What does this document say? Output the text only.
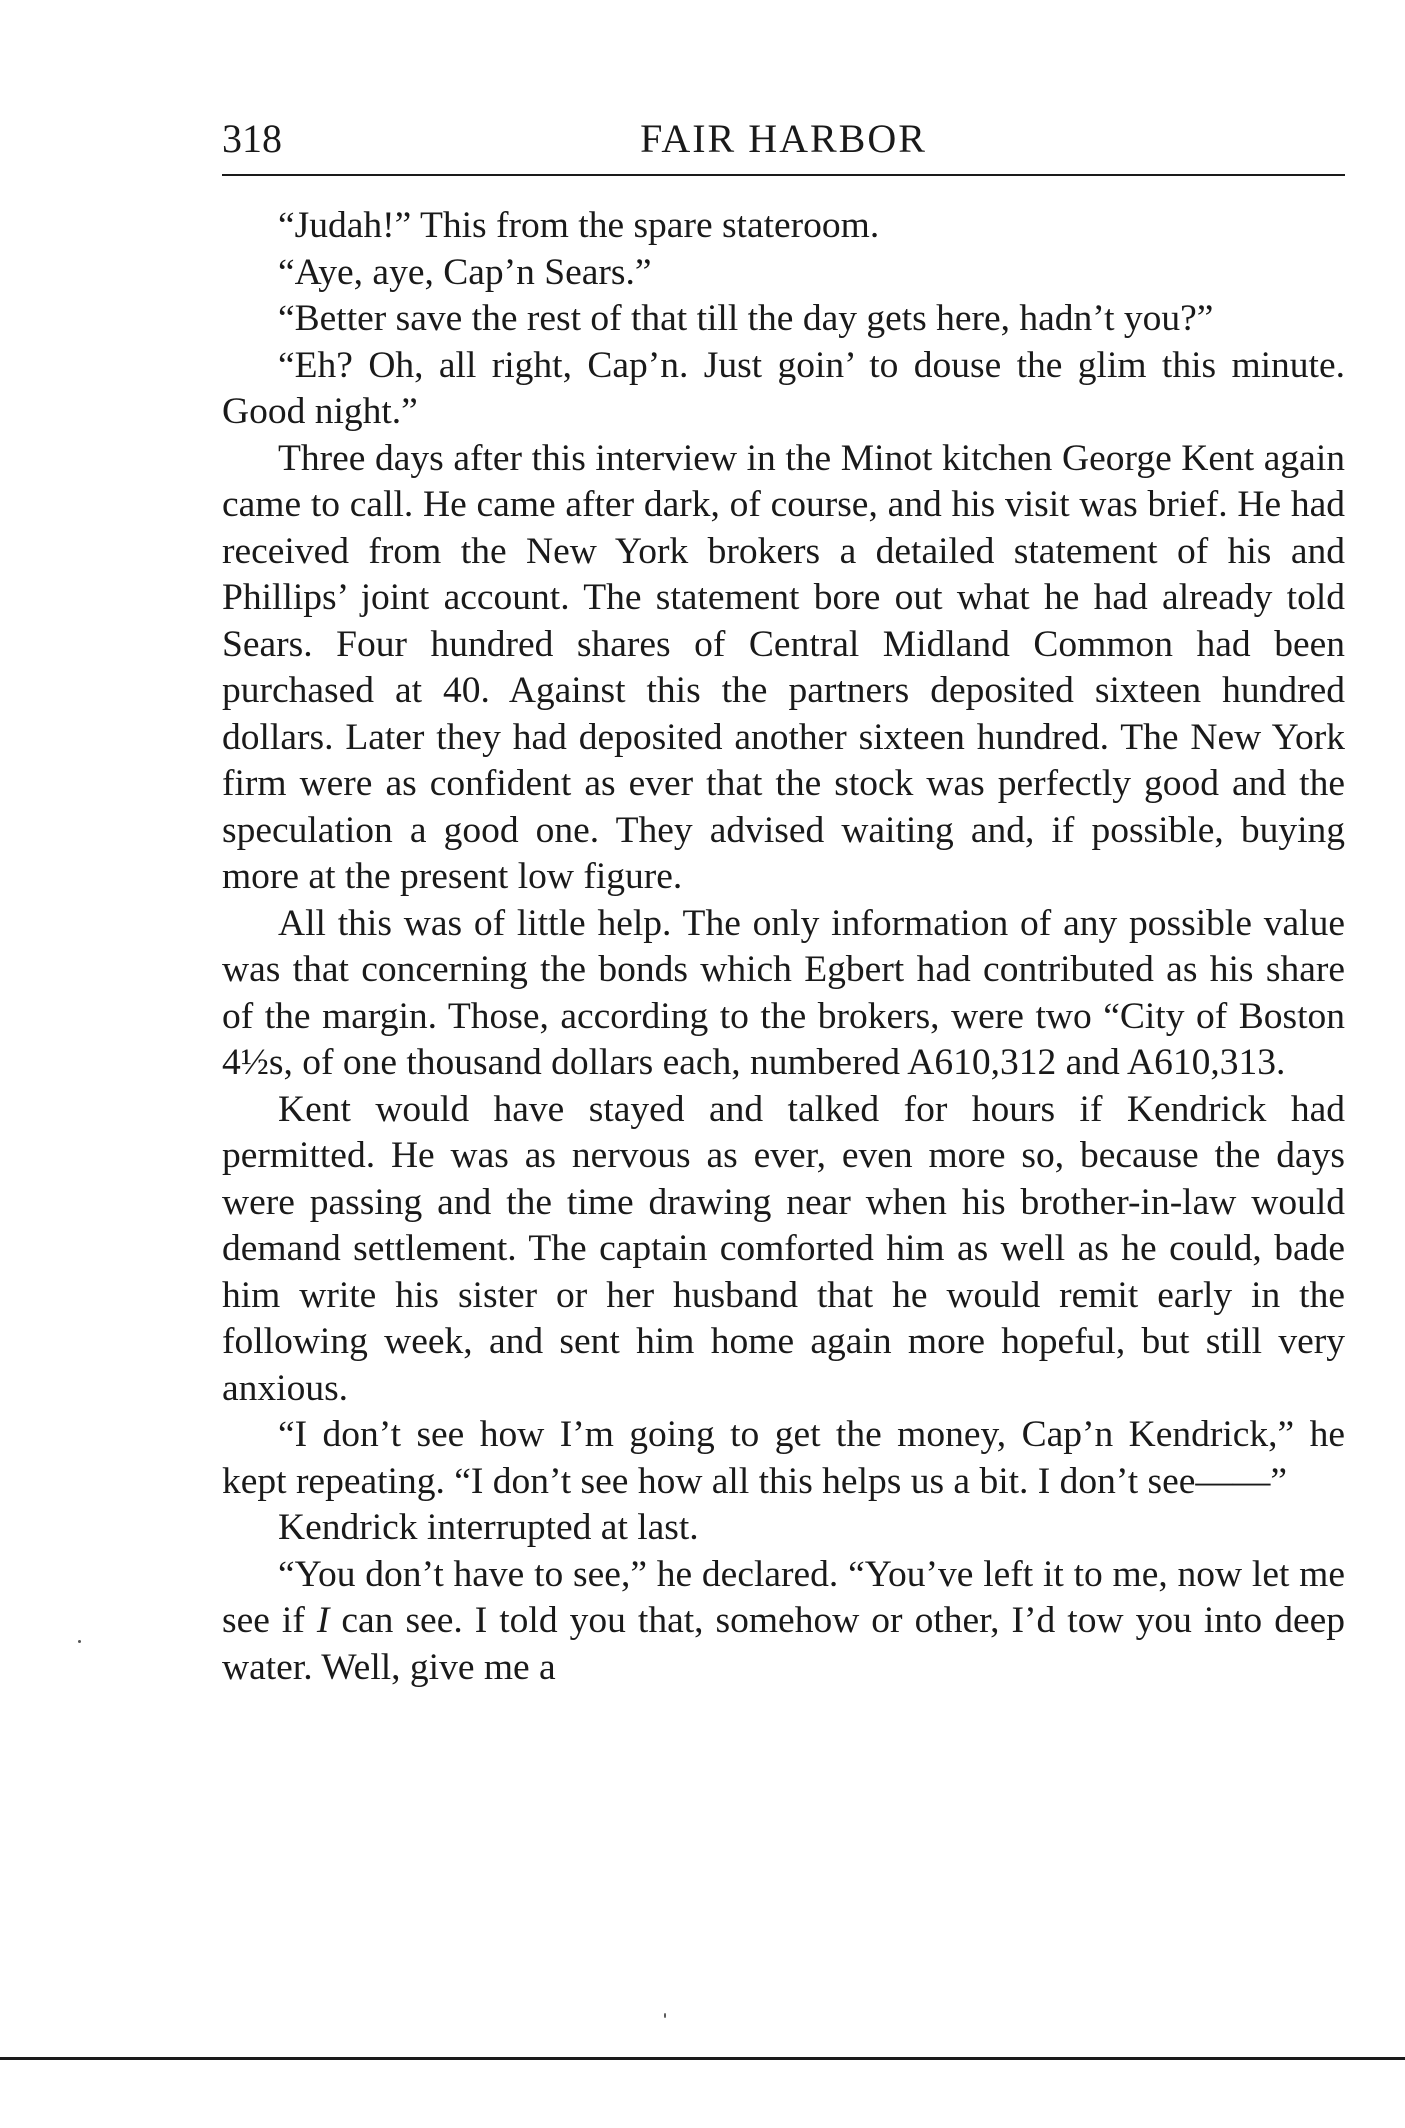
318	FAIR HARBOR

“Judah!” This from the spare stateroom.

“Aye, aye, Cap’n Sears.”

“Better save the rest of that till the day gets here, hadn’t you?”

“Eh? Oh, all right, Cap’n. Just goin’ to douse the glim this minute. Good night.”

Three days after this interview in the Minot kitchen George Kent again came to call. He came after dark, of course, and his visit was brief. He had received from the New York brokers a detailed statement of his and Phillips’ joint account. The statement bore out what he had already told Sears. Four hundred shares of Central Midland Common had been purchased at 40. Against this the partners deposited sixteen hundred dollars. Later they had deposited another sixteen hundred. The New York firm were as confident as ever that the stock was perfectly good and the speculation a good one. They advised waiting and, if possible, buying more at the present low figure.

All this was of little help. The only information of any possible value was that concerning the bonds which Egbert had contributed as his share of the margin. Those, according to the brokers, were two “City of Boston 4½s, of one thousand dollars each, numbered A610,312 and A610,313.

Kent would have stayed and talked for hours if Kendrick had permitted. He was as nervous as ever, even more so, because the days were passing and the time drawing near when his brother-in-law would demand settlement. The captain comforted him as well as he could, bade him write his sister or her husband that he would remit early in the following week, and sent him home again more hopeful, but still very anxious.

“I don’t see how I’m going to get the money, Cap’n Kendrick,” he kept repeating. “I don’t see how all this helps us a bit. I don’t see——”

Kendrick interrupted at last.

“You don’t have to see,” he declared. “You’ve left it to me, now let me see if I can see. I told you that, somehow or other, I’d tow you into deep water. Well, give me a
